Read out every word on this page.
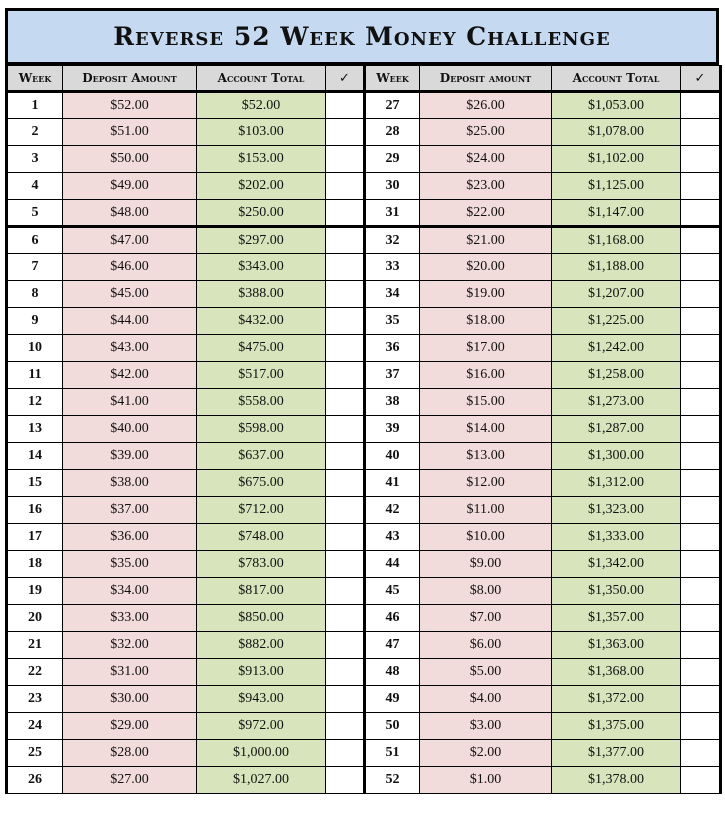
Reverse 52 Week Money Challenge
Week	Deposit Amount	Account Total	✓	Week	Deposit amount	Account Total	✓
1	$52.00	$52.00		27	$26.00	$1,053.00	
2	$51.00	$103.00		28	$25.00	$1,078.00	
3	$50.00	$153.00		29	$24.00	$1,102.00	
4	$49.00	$202.00		30	$23.00	$1,125.00	
5	$48.00	$250.00		31	$22.00	$1,147.00	
6	$47.00	$297.00		32	$21.00	$1,168.00	
7	$46.00	$343.00		33	$20.00	$1,188.00	
8	$45.00	$388.00		34	$19.00	$1,207.00	
9	$44.00	$432.00		35	$18.00	$1,225.00	
10	$43.00	$475.00		36	$17.00	$1,242.00	
11	$42.00	$517.00		37	$16.00	$1,258.00	
12	$41.00	$558.00		38	$15.00	$1,273.00	
13	$40.00	$598.00		39	$14.00	$1,287.00	
14	$39.00	$637.00		40	$13.00	$1,300.00	
15	$38.00	$675.00		41	$12.00	$1,312.00	
16	$37.00	$712.00		42	$11.00	$1,323.00	
17	$36.00	$748.00		43	$10.00	$1,333.00	
18	$35.00	$783.00		44	$9.00	$1,342.00	
19	$34.00	$817.00		45	$8.00	$1,350.00	
20	$33.00	$850.00		46	$7.00	$1,357.00	
21	$32.00	$882.00		47	$6.00	$1,363.00	
22	$31.00	$913.00		48	$5.00	$1,368.00	
23	$30.00	$943.00		49	$4.00	$1,372.00	
24	$29.00	$972.00		50	$3.00	$1,375.00	
25	$28.00	$1,000.00		51	$2.00	$1,377.00	
26	$27.00	$1,027.00		52	$1.00	$1,378.00	
